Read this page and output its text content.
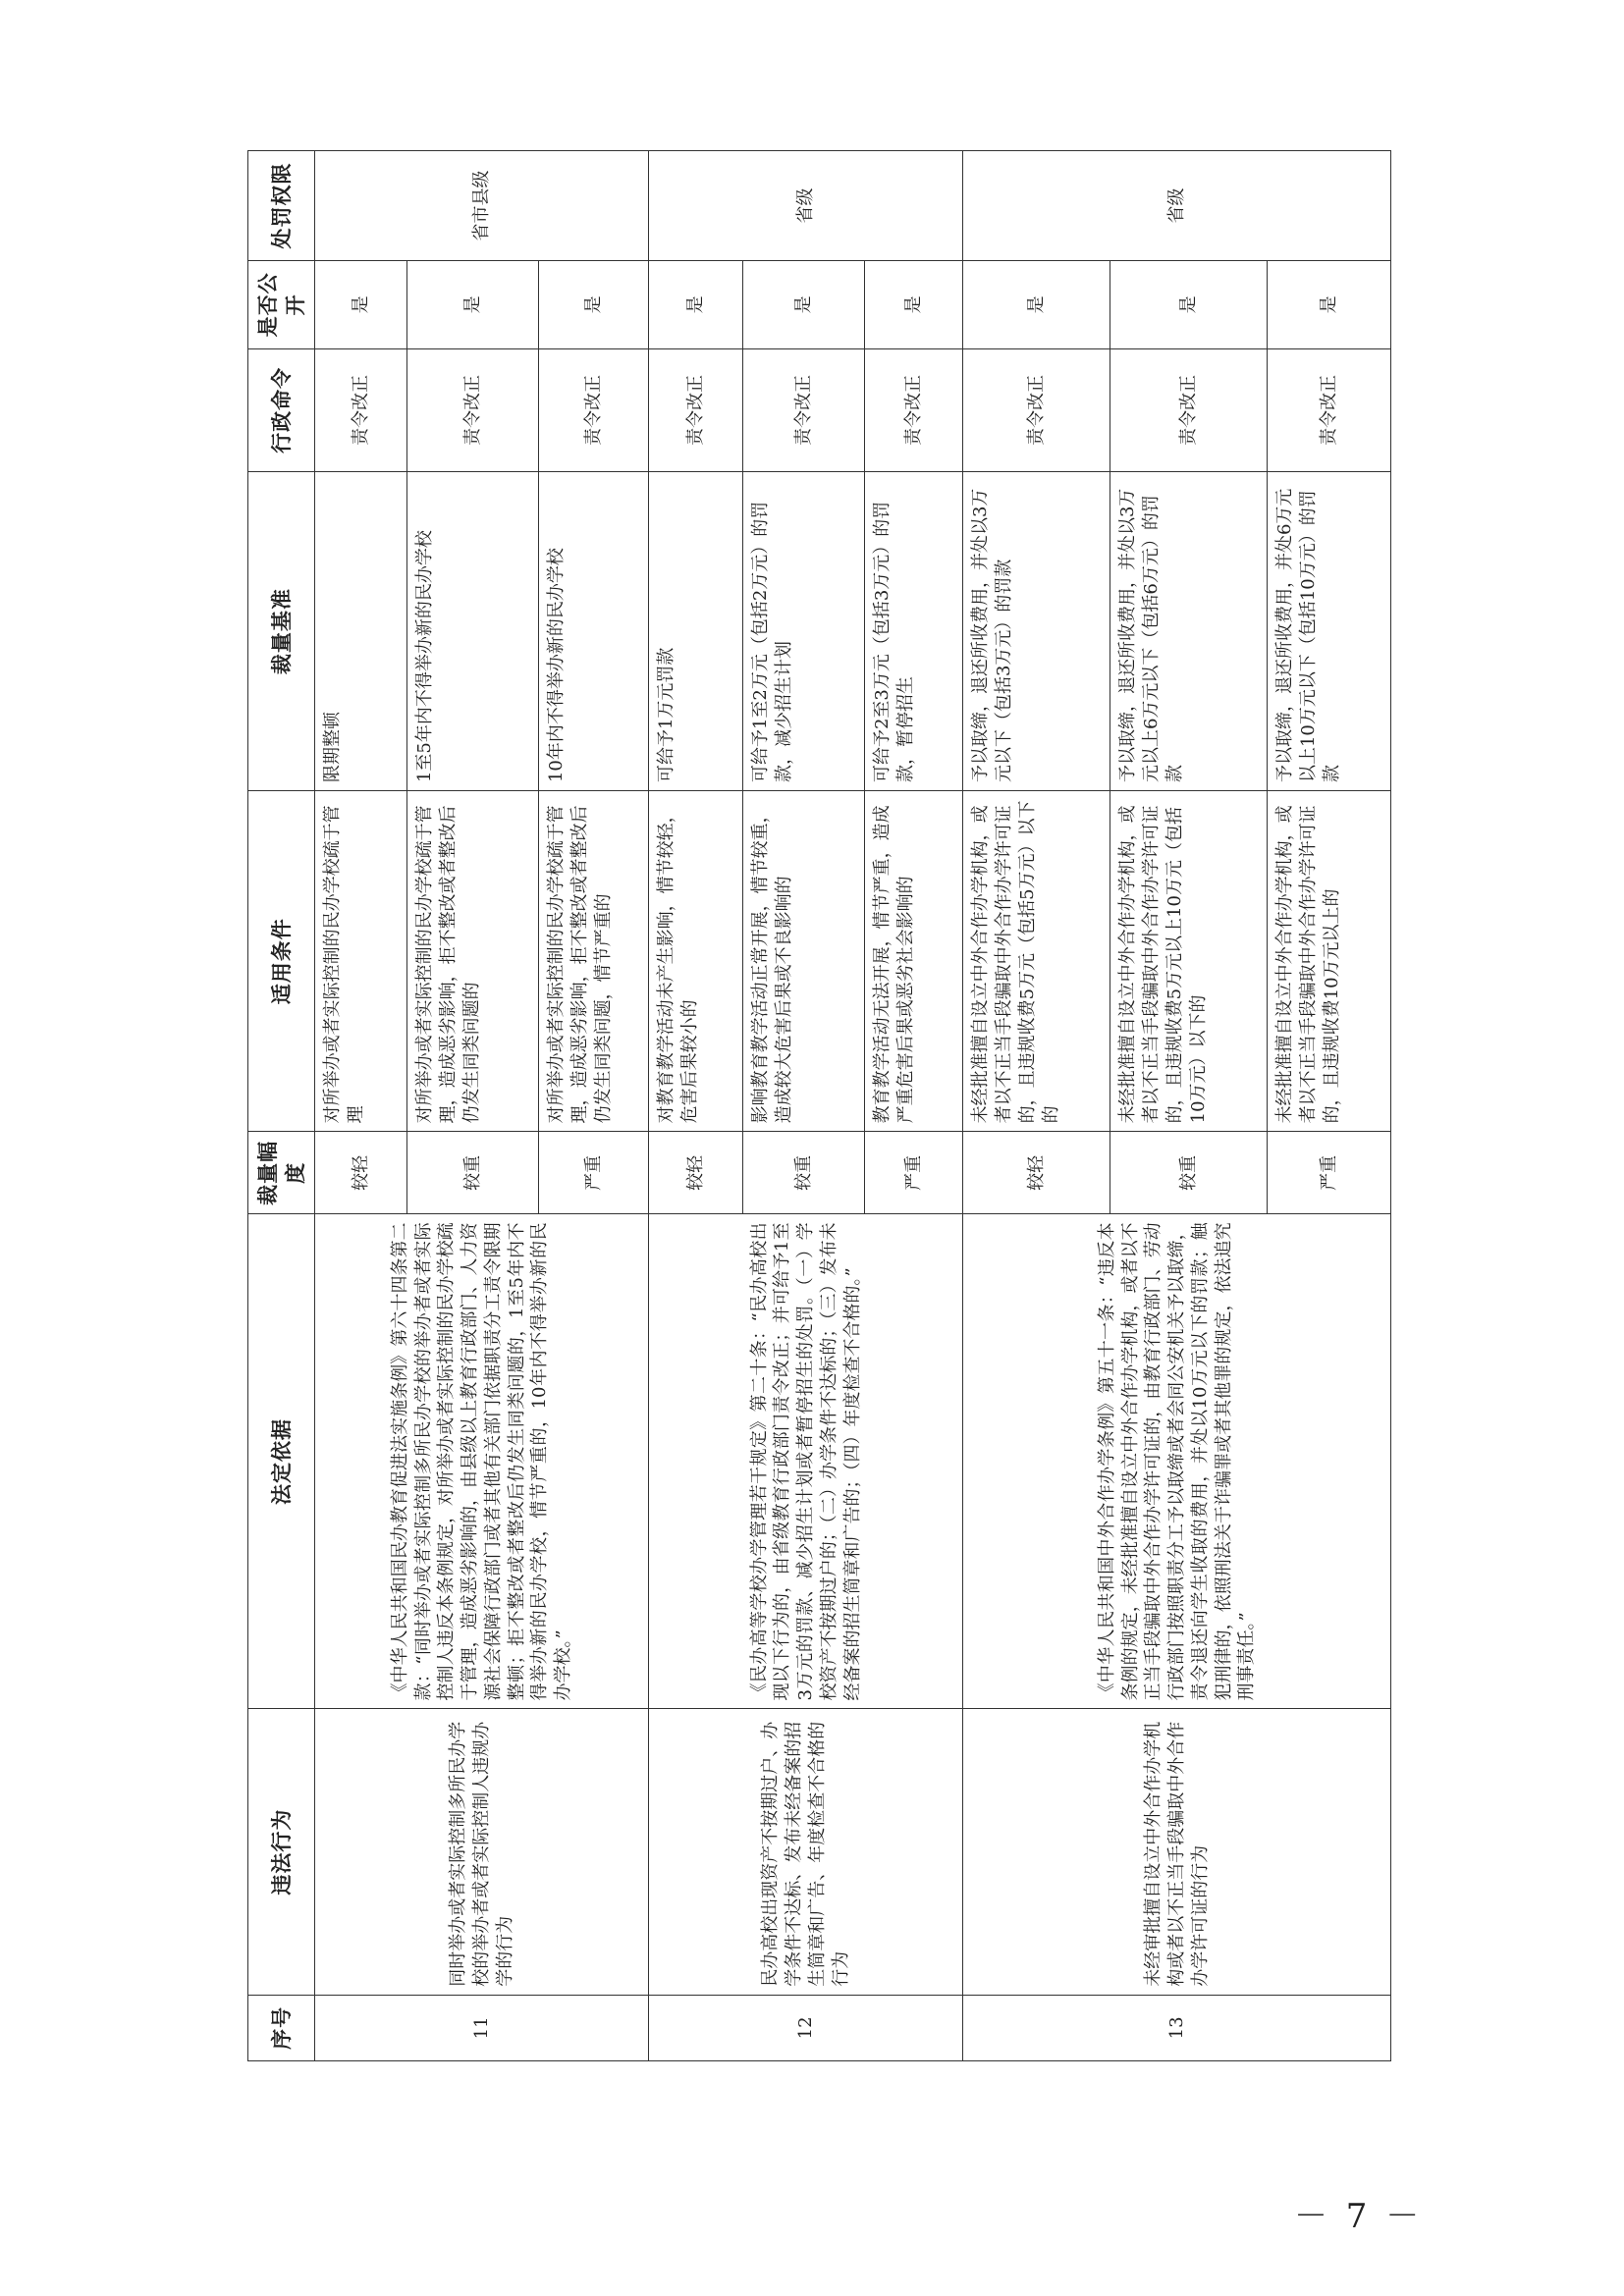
序号	违法行为	法定依据	裁量幅度	适用条件	裁量基准	行政命令	是否公开	处罚权限
11	同时举办或者实际控制多所民办学校的举办者或者实际控制人违规办学的行为	《中华人民共和国民办教育促进法实施条例》第六十四条第二款：“同时举办或者实际控制多所民办学校的举办者或者实际控制人违反本条例规定，对所举办或者实际控制的民办学校疏于管理，造成恶劣影响的，由县级以上教育行政部门、人力资源社会保障行政部门或者其他有关部门依据职责分工责令限期整顿；拒不整改或者整改后仍发生同类问题的，1至5年内不得举办新的民办学校，情节严重的，10年内不得举办新的民办学校。”	较轻	对所举办或者实际控制的民办学校疏于管理	限期整顿	责令改正	是	省市县级
			较重	对所举办或者实际控制的民办学校疏于管理，造成恶劣影响，拒不整改或者整改后仍发生同类问题的	1至5年内不得举办新的民办学校	责令改正	是	
			严重	对所举办或者实际控制的民办学校疏于管理，造成恶劣影响，拒不整改或者整改后仍发生同类问题，情节严重的	10年内不得举办新的民办学校	责令改正	是	
12	民办高校出现资产不按期过户、办学条件不达标、发布未经备案的招生简章和广告、年度检查不合格的行为	《民办高等学校办学管理若干规定》第二十条：“民办高校出现以下行为的，由省级教育行政部门责令改正；并可给予1至3万元的罚款、减少招生计划或者暂停招生的处罚。（一）学校资产不按期过户的；（二）办学条件不达标的；（三）发布未经备案的招生简章和广告的；（四）年度检查不合格的。”	较轻	对教育教学活动未产生影响，情节较轻，危害后果较小的	可给予1万元罚款	责令改正	是	省级
			较重	影响教育教学活动正常开展，情节较重，造成较大危害后果或不良影响的	可给予1至2万元（包括2万元）的罚款，减少招生计划	责令改正	是	
			严重	教育教学活动无法开展，情节严重，造成严重危害后果或恶劣社会影响的	可给予2至3万元（包括3万元）的罚款，暂停招生	责令改正	是	
13	未经审批擅自设立中外合作办学机构或者以不正当手段骗取中外合作办学许可证的行为	《中华人民共和国中外合作办学条例》第五十一条：“违反本条例的规定，未经批准擅自设立中外合作办学机构，或者以不正当手段骗取中外合作办学许可证的，由教育行政部门、劳动行政部门按照职责分工予以取缔或者会同公安机关予以取缔，责令退还向学生收取的费用，并处以10万元以下的罚款；触犯刑律的，依照刑法关于诈骗罪或者其他罪的规定，依法追究刑事责任。”	较轻	未经批准擅自设立中外合作办学机构，或者以不正当手段骗取中外合作办学许可证的，且违规收费5万元（包括5万元）以下的	予以取缔，退还所收费用，并处以3万元以下（包括3万元）的罚款	责令改正	是	省级
			较重	未经批准擅自设立中外合作办学机构，或者以不正当手段骗取中外合作办学许可证的，且违规收费5万元以上10万元（包括10万元）以下的	予以取缔，退还所收费用，并处以3万元以上6万元以下（包括6万元）的罚款	责令改正	是	
			严重	未经批准擅自设立中外合作办学机构，或者以不正当手段骗取中外合作办学许可证的，且违规收费10万元以上的	予以取缔，退还所收费用，并处6万元以上10万元以下（包括10万元）的罚款	责令改正	是	
－ 7 －
